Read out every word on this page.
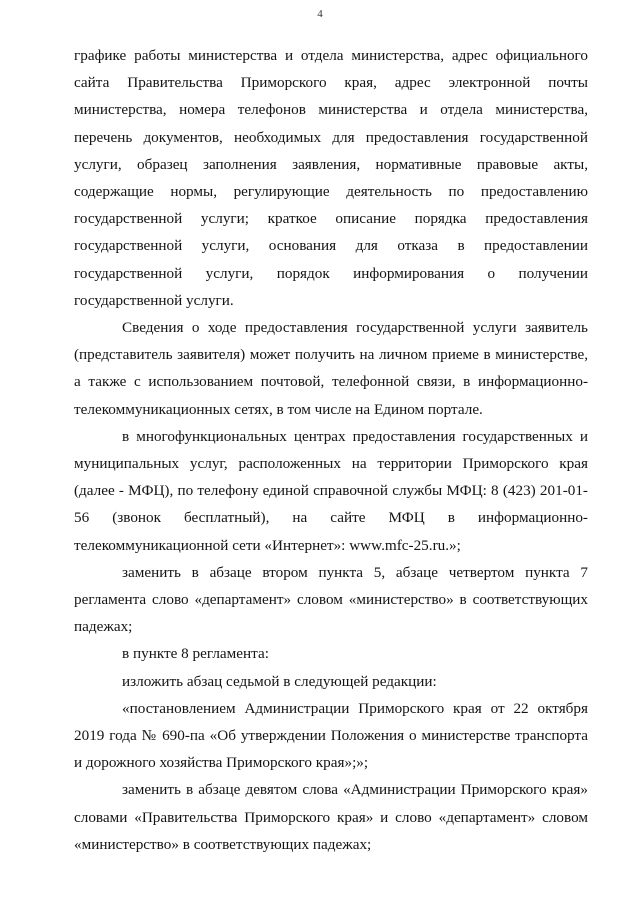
4

графике работы министерства и отдела министерства, адрес официального сайта Правительства Приморского края, адрес электронной почты министерства, номера телефонов министерства и отдела министерства, перечень документов, необходимых для предоставления государственной услуги, образец заполнения заявления, нормативные правовые акты, содержащие нормы, регулирующие деятельность по предоставлению государственной услуги; краткое описание порядка предоставления государственной услуги, основания для отказа в предоставлении государственной услуги, порядок информирования о получении государственной услуги.

Сведения о ходе предоставления государственной услуги заявитель (представитель заявителя) может получить на личном приеме в министерстве, а также с использованием почтовой, телефонной связи, в информационно-телекоммуникационных сетях, в том числе на Едином портале.

в многофункциональных центрах предоставления государственных и муниципальных услуг, расположенных на территории Приморского края (далее - МФЦ), по телефону единой справочной службы МФЦ: 8 (423) 201-01-56 (звонок бесплатный), на сайте МФЦ в информационно-телекоммуникационной сети «Интернет»: www.mfc-25.ru.»;

заменить в абзаце втором пункта 5, абзаце четвертом пункта 7 регламента слово «департамент» словом «министерство» в соответствующих падежах;

в пункте 8 регламента:

изложить абзац седьмой в следующей редакции:

«постановлением Администрации Приморского края от 22 октября 2019 года № 690-па «Об утверждении Положения о министерстве транспорта и дорожного хозяйства Приморского края»;»;

заменить в абзаце девятом слова «Администрации Приморского края» словами «Правительства Приморского края» и слово «департамент» словом «министерство» в соответствующих падежах;
